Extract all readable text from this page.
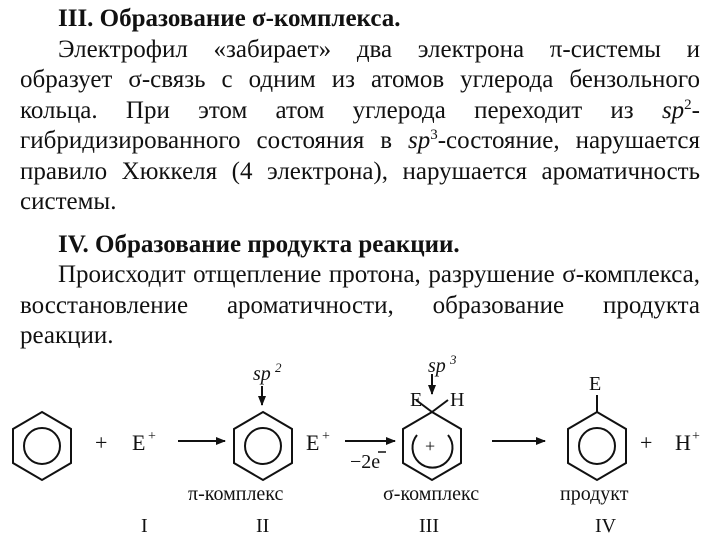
III. Образование σ-комплекса.

Электрофил «забирает» два электрона π-системы и образует σ-связь с одним из атомов углерода бензольного кольца. При этом атом углерода переходит из $sp^2$-гибридизированного состояния в $sp^3$-состояние, нарушается правило Хюккеля (4 электрона), нарушается ароматичность системы.

IV. Образование продукта реакции.

Происходит отщепление протона, разрушение σ-комплекса, восстановление ароматичности, образование продукта реакции.

+ E +	E +
−2e
E H
+
E
+ H +
sp 2	sp 3
π-комплекс	σ-комплекс	продукт
I	II	III	IV
